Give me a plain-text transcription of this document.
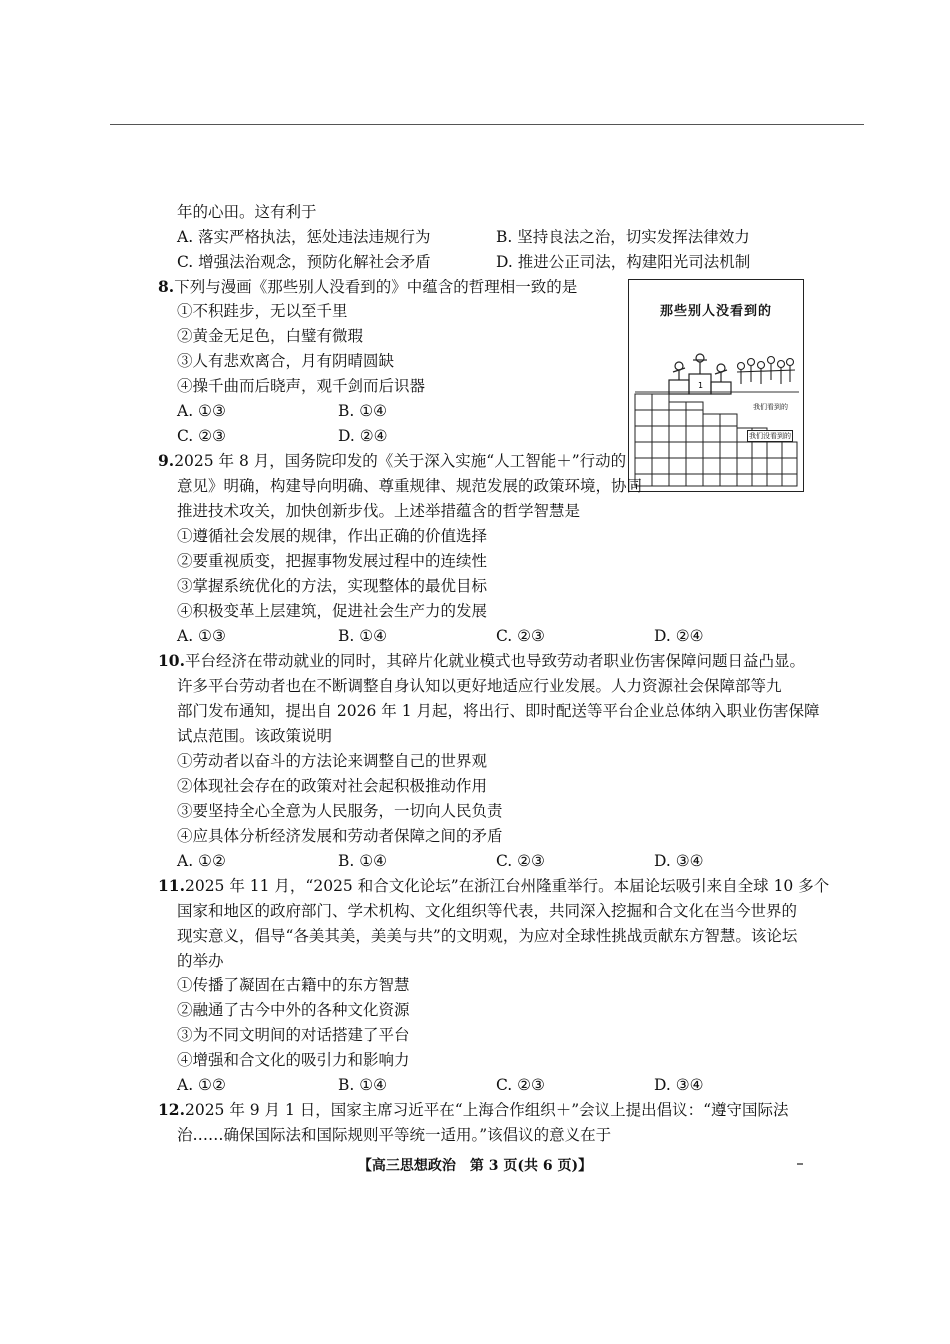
年的心田。这有利于
A. 落实严格执法，惩处违法违规行为	B. 坚持良法之治，切实发挥法律效力
C. 增强法治观念，预防化解社会矛盾	D. 推进公正司法，构建阳光司法机制
8.下列与漫画《那些别人没看到的》中蕴含的哲理相一致的是
①不积跬步，无以至千里
②黄金无足色，白璧有微瑕
③人有悲欢离合，月有阴晴圆缺
④操千曲而后晓声，观千剑而后识器
A. ①③	B. ①④
C. ②③	D. ②④
那些别人没看到的
1
我们看到的
我们没看到的
9.2025 年 8 月，国务院印发的《关于深入实施“人工智能＋”行动的
意见》明确，构建导向明确、尊重规律、规范发展的政策环境，协同
推进技术攻关，加快创新步伐。上述举措蕴含的哲学智慧是
①遵循社会发展的规律，作出正确的价值选择
②要重视质变，把握事物发展过程中的连续性
③掌握系统优化的方法，实现整体的最优目标
④积极变革上层建筑，促进社会生产力的发展
A. ①③	B. ①④	C. ②③	D. ②④
10.平台经济在带动就业的同时，其碎片化就业模式也导致劳动者职业伤害保障问题日益凸显。
许多平台劳动者也在不断调整自身认知以更好地适应行业发展。人力资源社会保障部等九
部门发布通知，提出自 2026 年 1 月起，将出行、即时配送等平台企业总体纳入职业伤害保障
试点范围。该政策说明
①劳动者以奋斗的方法论来调整自己的世界观
②体现社会存在的政策对社会起积极推动作用
③要坚持全心全意为人民服务，一切向人民负责
④应具体分析经济发展和劳动者保障之间的矛盾
A. ①②	B. ①④	C. ②③	D. ③④
11.2025 年 11 月，“2025 和合文化论坛”在浙江台州隆重举行。本届论坛吸引来自全球 10 多个
国家和地区的政府部门、学术机构、文化组织等代表，共同深入挖掘和合文化在当今世界的
现实意义，倡导“各美其美，美美与共”的文明观，为应对全球性挑战贡献东方智慧。该论坛
的举办
①传播了凝固在古籍中的东方智慧
②融通了古今中外的各种文化资源
③为不同文明间的对话搭建了平台
④增强和合文化的吸引力和影响力
A. ①②	B. ①④	C. ②③	D. ③④
12.2025 年 9 月 1 日，国家主席习近平在“上海合作组织＋”会议上提出倡议：“遵守国际法
治……确保国际法和国际规则平等统一适用。”该倡议的意义在于
【高三思想政治　第 3 页(共 6 页)】
